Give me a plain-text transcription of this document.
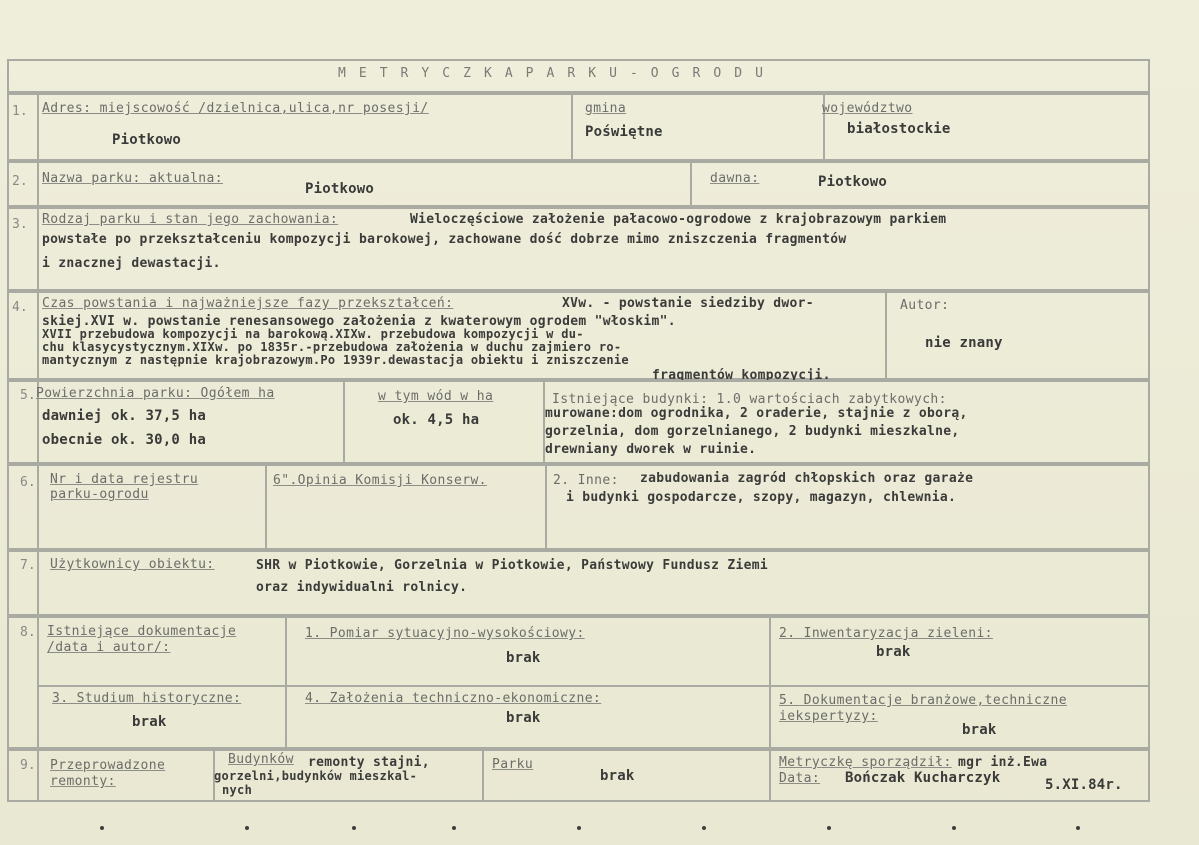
M E T R Y C Z K A P A R K U - O G R O D U
1. Adres: miejscowość /dzielnica,ulica,nr posesji/
Piotkowo
gmina
Poświętne
województwo
białostockie
2. Nazwa parku: aktualna:
Piotkowo
dawna:	Piotkowo
3. Rodzaj parku i stan jego zachowania:	Wieloczęściowe założenie pałacowo-ogrodowe z krajobrazowym parkiem
powstałe po przekształceniu kompozycji barokowej, zachowane dość dobrze mimo zniszczenia fragmentów
i znacznej dewastacji.
4. Czas powstania i najważniejsze fazy przekształceń:	XVw. - powstanie siedziby dwor-
skiej.XVI w. powstanie renesansowego założenia z kwaterowym ogrodem "włoskim".
XVII przebudowa kompozycji na barokową.XIXw. przebudowa kompozycji w du-
chu klasycystycznym.XIXw. po 1835r.-przebudowa założenia w duchu zajmiero ro-
mantycznym z następnie krajobrazowym.Po 1939r.dewastacja obiektu i zniszczenie
fragmentów kompozycji.
Autor:
nie znany
5. Powierzchnia parku: Ogółem ha
dawniej ok. 37,5 ha
obecnie ok. 30,0 ha
w tym wód w ha
ok. 4,5 ha
Istniejące budynki: 1.0 wartościach zabytkowych:
murowane:dom ogrodnika, 2 oraderie, stajnie z oborą,
gorzelnia, dom gorzelnianego, 2 budynki mieszkalne,
drewniany dworek w ruinie.
6. Nr i data rejestru
parku-ogrodu
6".Opinia Komisji Konserw.	2. Inne: zabudowania zagród chłopskich oraz garaże
i budynki gospodarcze, szopy, magazyn, chlewnia.
7. Użytkownicy obiektu:	SHR w Piotkowie, Gorzelnia w Piotkowie, Państwowy Fundusz Ziemi
oraz indywidualni rolnicy.
8. Istniejące dokumentacje
/data i autor/:
1. Pomiar sytuacyjno-wysokościowy:
brak
2. Inwentaryzacja zieleni:
brak
3. Studium historyczne:
brak
4. Założenia techniczno-ekonomiczne:
brak
5. Dokumentacje branżowe,techniczne
iekspertyzy:
brak
9. Przeprowadzone
remonty:
Budynków remonty stajni,
gorzelni,budynków mieszkal-
nych
Parku
brak
Metryczkę sporządził: mgr inż.Ewa
Data: Bończak Kucharczyk	5.XI.84r.
